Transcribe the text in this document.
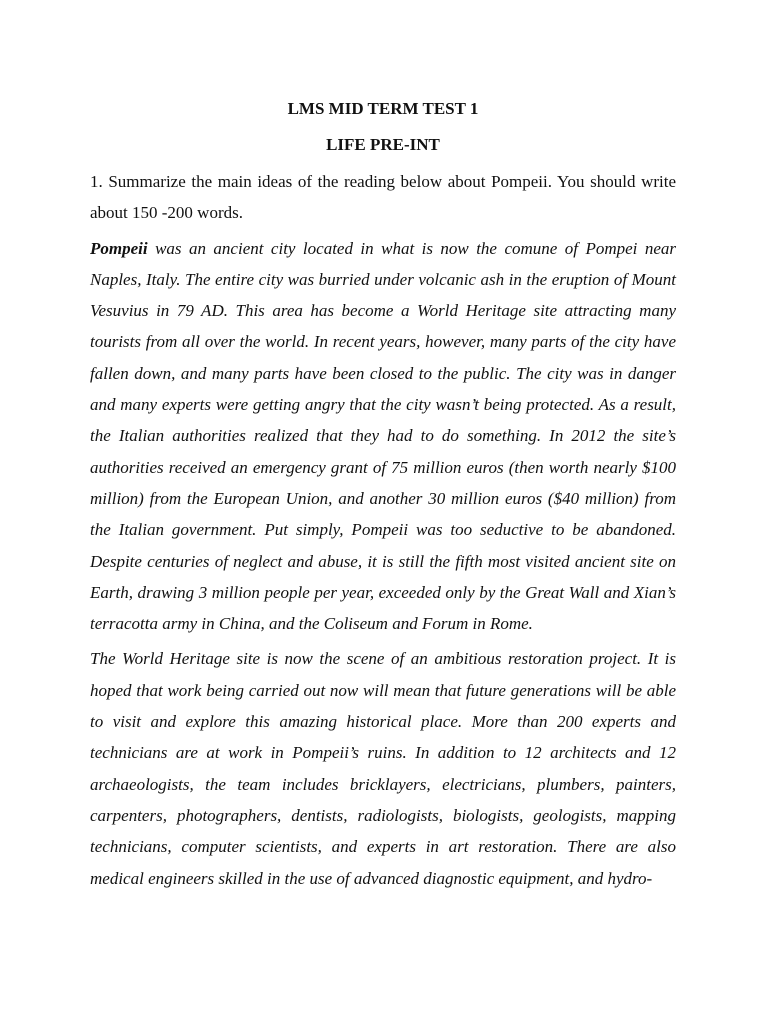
LMS MID TERM TEST 1

LIFE PRE-INT

1. Summarize the main ideas of the reading below about Pompeii. You should write about 150 -200 words.

Pompeii was an ancient city located in what is now the comune of Pompei near Naples, Italy. The entire city was burried under volcanic ash in the eruption of Mount Vesuvius in 79 AD. This area has become a World Heritage site attracting many tourists from all over the world. In recent years, however, many parts of the city have fallen down, and many parts have been closed to the public. The city was in danger and many experts were getting angry that the city wasn’t being protected. As a result, the Italian authorities realized that they had to do something. In 2012 the site’s authorities received an emergency grant of 75 million euros (then worth nearly $100 million) from the European Union, and another 30 million euros ($40 million) from the Italian government. Put simply, Pompeii was too seductive to be abandoned. Despite centuries of neglect and abuse, it is still the fifth most visited ancient site on Earth, drawing 3 million people per year, exceeded only by the Great Wall and Xian’s terracotta army in China, and the Coliseum and Forum in Rome.

The World Heritage site is now the scene of an ambitious restoration project. It is hoped that work being carried out now will mean that future generations will be able to visit and explore this amazing historical place. More than 200 experts and technicians are at work in Pompeii’s ruins. In addition to 12 architects and 12 archaeologists, the team includes bricklayers, electricians, plumbers, painters, carpenters, photographers, dentists, radiologists, biologists, geologists, mapping technicians, computer scientists, and experts in art restoration. There are also medical engineers skilled in the use of advanced diagnostic equipment, and hydro-
